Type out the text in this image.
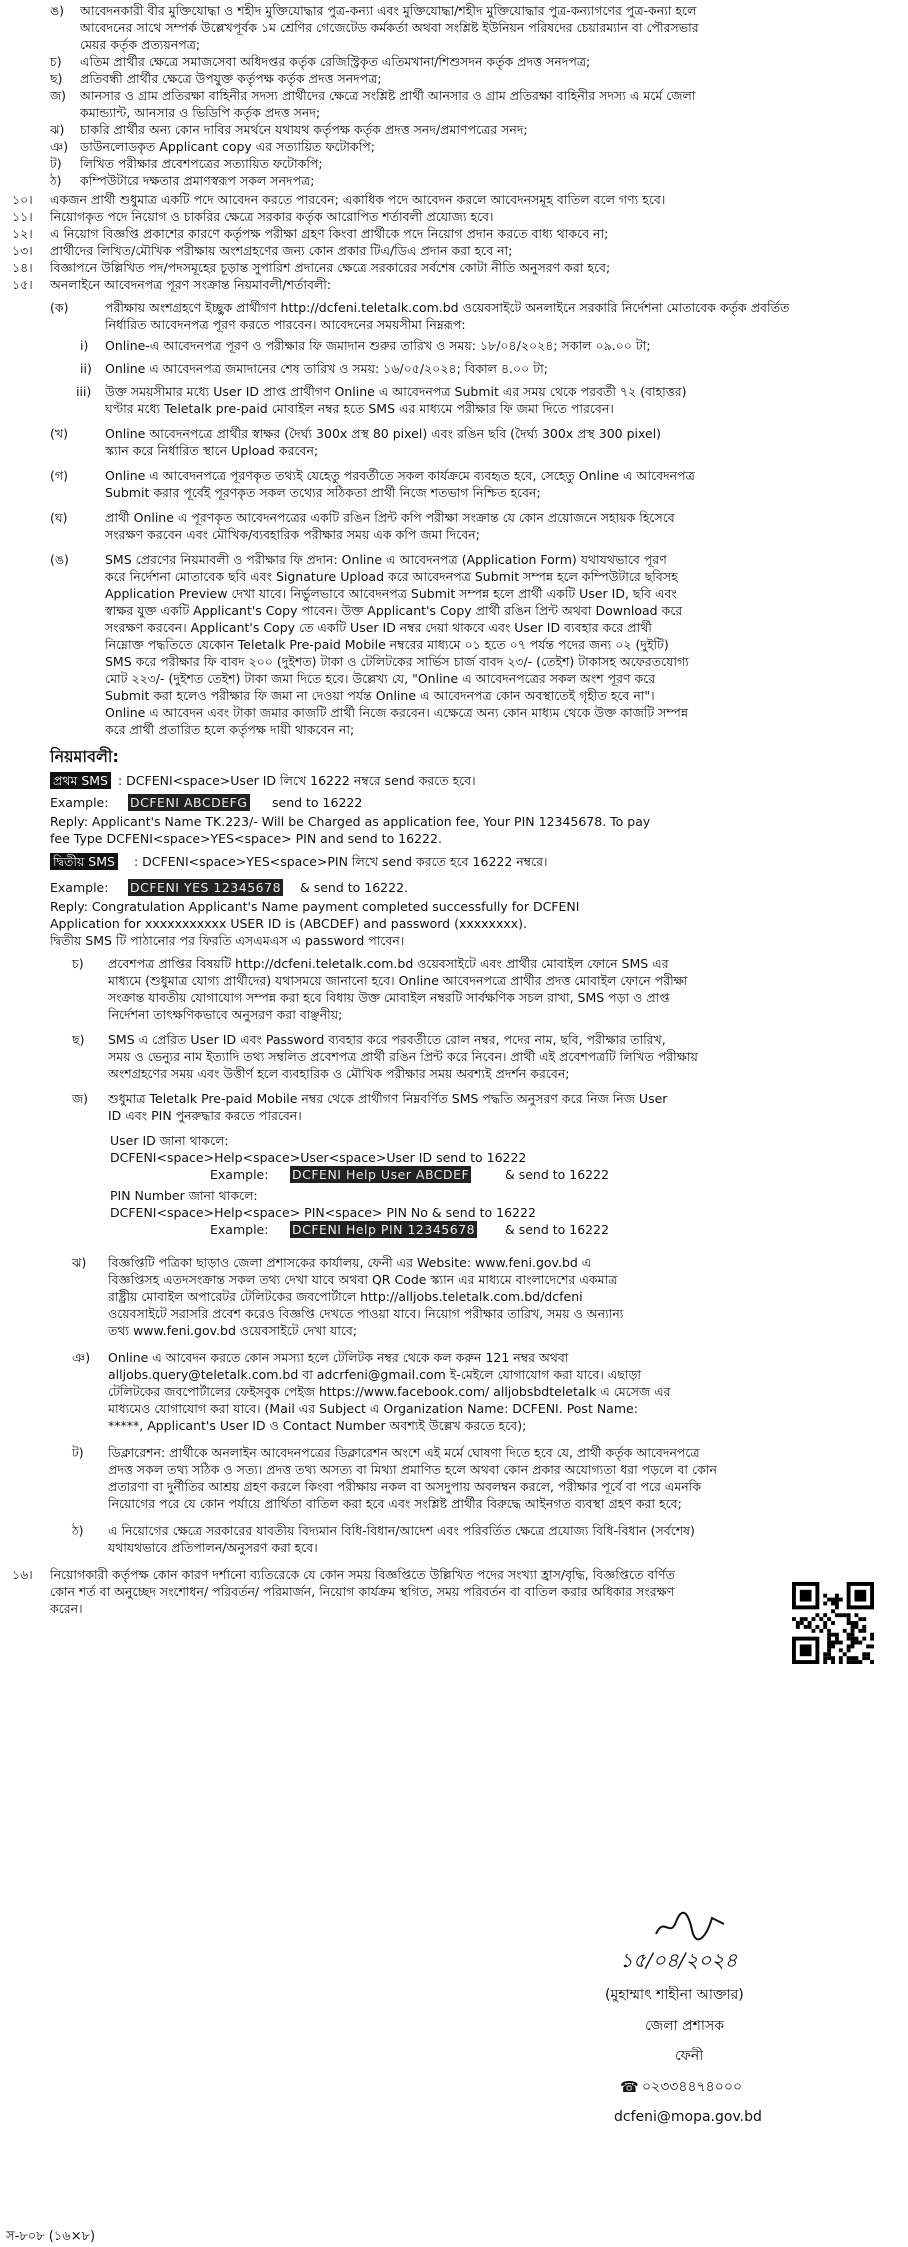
ঙ) আবেদনকারী বীর মুক্তিযোদ্ধা ও শহীদ মুক্তিযোদ্ধার পুত্র-কন্যা এবং মুক্তিযোদ্ধা/শহীদ মুক্তিযোদ্ধার পুত্র-কন্যাগণের পুত্র-কন্যা হলে
আবেদনের সাথে সম্পর্ক উল্লেখপূর্বক ১ম শ্রেণির গেজেটেড কর্মকর্তা অথবা সংশ্লিষ্ট ইউনিয়ন পরিষদের চেয়ারম্যান বা পৌরসভার
মেয়র কর্তৃক প্রত্যয়নপত্র;
চ) এতিম প্রার্থীর ক্ষেত্রে সমাজসেবা অধিদপ্তর কর্তৃক রেজিস্ট্রিকৃত এতিমখানা/শিশুসদন কর্তৃক প্রদত্ত সনদপত্র;
ছ) প্রতিবন্ধী প্রার্থীর ক্ষেত্রে উপযুক্ত কর্তৃপক্ষ কর্তৃক প্রদত্ত সনদপত্র;
জ) আনসার ও গ্রাম প্রতিরক্ষা বাহিনীর সদস্য প্রার্থীদের ক্ষেত্রে সংশ্লিষ্ট প্রার্থী আনসার ও গ্রাম প্রতিরক্ষা বাহিনীর সদস্য এ মর্মে জেলা
কমান্ড্যান্ট, আনসার ও ভিডিপি কর্তৃক প্রদত্ত সনদ;
ঝ) চাকরি প্রার্থীর অন্য কোন দাবির সমর্থনে যথাযথ কর্তৃপক্ষ কর্তৃক প্রদত্ত সনদ/প্রমাণপত্রের সনদ;
ঞ) ডাউনলোডকৃত Applicant copy এর সত্যায়িত ফটোকপি;
ট) লিখিত পরীক্ষার প্রবেশপত্রের সত্যায়িত ফটোকপি;
ঠ) কম্পিউটারে দক্ষতার প্রমাণস্বরূপ সকল সনদপত্র;
১০। একজন প্রার্থী শুধুমাত্র একটি পদে আবেদন করতে পারবেন; একাধিক পদে আবেদন করলে আবেদনসমূহ বাতিল বলে গণ্য হবে।
১১। নিয়োগকৃত পদে নিয়োগ ও চাকরির ক্ষেত্রে সরকার কর্তৃক আরোপিত শর্তাবলী প্রযোজ্য হবে।
১২। এ নিয়োগ বিজ্ঞপ্তি প্রকাশের কারণে কর্তৃপক্ষ পরীক্ষা গ্রহণ কিংবা প্রার্থীকে পদে নিয়োগ প্রদান করতে বাধ্য থাকবে না;
১৩। প্রার্থীদের লিখিত/মৌখিক পরীক্ষায় অংশগ্রহণের জন্য কোন প্রকার টিএ/ডিএ প্রদান করা হবে না;
১৪। বিজ্ঞাপনে উল্লিখিত পদ/পদসমূহের চূড়ান্ত সুপারিশ প্রদানের ক্ষেত্রে সরকারের সর্বশেষ কোটা নীতি অনুসরণ করা হবে;
১৫। অনলাইনে আবেদনপত্র পূরণ সংক্রান্ত নিয়মাবলী/শর্তাবলী:
(ক)	পরীক্ষায় অংশগ্রহণে ইচ্ছুক প্রার্থীগণ http://dcfeni.teletalk.com.bd ওয়েবসাইটে অনলাইনে সরকারি নির্দেশনা মোতাবেক কর্তৃক প্রবর্তিত
নির্ধারিত আবেদনপত্র পূরণ করতে পারবেন। আবেদনের সময়সীমা নিম্নরূপ:
i) Online-এ আবেদনপত্র পূরণ ও পরীক্ষার ফি জমাদান শুরুর তারিখ ও সময়: ১৮/০৪/২০২৪; সকাল ০৯.০০ টা;
ii) Online এ আবেদনপত্র জমাদানের শেষ তারিখ ও সময়: ১৬/০৫/২০২৪; বিকাল ৪.০০ টা;
iii) উক্ত সময়সীমার মধ্যে User ID প্রাপ্ত প্রার্থীগণ Online এ আবেদনপত্র Submit এর সময় থেকে পরবর্তী ৭২ (বাহাত্তর)
ঘণ্টার মধ্যে Teletalk pre-paid মোবাইল নম্বর হতে SMS এর মাধ্যমে পরীক্ষার ফি জমা দিতে পারবেন।
(খ)	Online আবেদনপত্রে প্রার্থীর স্বাক্ষর (দৈর্ঘ্য 300x প্রস্থ 80 pixel) এবং রঙিন ছবি (দৈর্ঘ্য 300x প্রস্থ 300 pixel)
স্ক্যান করে নির্ধারিত স্থানে Upload করবেন;
(গ)	Online এ আবেদনপত্রে পূরণকৃত তথ্যই যেহেতু পরবর্তীতে সকল কার্যক্রমে ব্যবহৃত হবে, সেহেতু Online এ আবেদনপত্র
Submit করার পূর্বেই পূরণকৃত সকল তথ্যের সঠিকতা প্রার্থী নিজে শতভাগ নিশ্চিত হবেন;
(ঘ)	প্রার্থী Online এ পূরণকৃত আবেদনপত্রের একটি রঙিন প্রিন্ট কপি পরীক্ষা সংক্রান্ত যে কোন প্রয়োজনে সহায়ক হিসেবে
সংরক্ষণ করবেন এবং মৌখিক/ব্যবহারিক পরীক্ষার সময় এক কপি জমা দিবেন;
(ঙ)	SMS প্রেরণের নিয়মাবলী ও পরীক্ষার ফি প্রদান: Online এ আবেদনপত্র (Application Form) যথাযথভাবে পূরণ
করে নির্দেশনা মোতাবেক ছবি এবং Signature Upload করে আবেদনপত্র Submit সম্পন্ন হলে কম্পিউটারে ছবিসহ
Application Preview দেখা যাবে। নির্ভুলভাবে আবেদনপত্র Submit সম্পন্ন হলে প্রার্থী একটি User ID, ছবি এবং
স্বাক্ষর যুক্ত একটি Applicant's Copy পাবেন। উক্ত Applicant's Copy প্রার্থী রঙিন প্রিন্ট অথবা Download করে
সংরক্ষণ করবেন। Applicant's Copy তে একটি User ID নম্বর দেয়া থাকবে এবং User ID ব্যবহার করে প্রার্থী
নিম্নোক্ত পদ্ধতিতে যেকোন Teletalk Pre-paid Mobile নম্বরের মাধ্যমে ০১ হতে ০৭ পর্যন্ত পদের জন্য ০২ (দুইটি)
SMS করে পরীক্ষার ফি বাবদ ২০০ (দুইশত) টাকা ও টেলিটকের সার্ভিস চার্জ বাবদ ২৩/- (তেইশ) টাকাসহ অফেরতযোগ্য
মোট ২২৩/- (দুইশত তেইশ) টাকা জমা দিতে হবে। উল্লেখ্য যে, "Online এ আবেদনপত্রের সকল অংশ পূরণ করে
Submit করা হলেও পরীক্ষার ফি জমা না দেওয়া পর্যন্ত Online এ আবেদনপত্র কোন অবস্থাতেই গৃহীত হবে না"।
Online এ আবেদন এবং টাকা জমার কাজটি প্রার্থী নিজে করবেন। এক্ষেত্রে অন্য কোন মাধ্যম থেকে উক্ত কাজটি সম্পন্ন
করে প্রার্থী প্রতারিত হলে কর্তৃপক্ষ দায়ী থাকবেন না;
নিয়মাবলী:
প্রথম SMS : DCFENI<space>User ID লিখে 16222 নম্বরে send করতে হবে।
Example: DCFENI ABCDEFG send to 16222
Reply: Applicant's Name TK.223/- Will be Charged as application fee, Your PIN 12345678. To pay
fee Type DCFENI<space>YES<space> PIN and send to 16222.
দ্বিতীয় SMS : DCFENI<space>YES<space>PIN লিখে send করতে হবে 16222 নম্বরে।
Example: DCFENI YES 12345678 & send to 16222.
Reply: Congratulation Applicant's Name payment completed successfully for DCFENI
Application for xxxxxxxxxxx USER ID is (ABCDEF) and password (xxxxxxxx).
দ্বিতীয় SMS টি পাঠানোর পর ফিরতি এসএমএস এ password পাবেন।
চ) প্রবেশপত্র প্রাপ্তির বিষয়টি http://dcfeni.teletalk.com.bd ওয়েবসাইটে এবং প্রার্থীর মোবাইল ফোনে SMS এর
মাধ্যমে (শুধুমাত্র যোগ্য প্রার্থীদের) যথাসময়ে জানানো হবে। Online আবেদনপত্রে প্রার্থীর প্রদত্ত মোবাইল ফোনে পরীক্ষা
সংক্রান্ত যাবতীয় যোগাযোগ সম্পন্ন করা হবে বিধায় উক্ত মোবাইল নম্বরটি সার্বক্ষণিক সচল রাখা, SMS পড়া ও প্রাপ্ত
নির্দেশনা তাৎক্ষণিকভাবে অনুসরণ করা বাঞ্ছনীয়;
ছ) SMS এ প্রেরিত User ID এবং Password ব্যবহার করে পরবর্তীতে রোল নম্বর, পদের নাম, ছবি, পরীক্ষার তারিখ,
সময় ও ভেন্যুর নাম ইত্যাদি তথ্য সম্বলিত প্রবেশপত্র প্রার্থী রঙিন প্রিন্ট করে নিবেন। প্রার্থী এই প্রবেশপত্রটি লিখিত পরীক্ষায়
অংশগ্রহণের সময় এবং উত্তীর্ণ হলে ব্যবহারিক ও মৌখিক পরীক্ষার সময় অবশ্যই প্রদর্শন করবেন;
জ) শুধুমাত্র Teletalk Pre-paid Mobile নম্বর থেকে প্রার্থীগণ নিম্নবর্ণিত SMS পদ্ধতি অনুসরণ করে নিজ নিজ User
ID এবং PIN পুনরুদ্ধার করতে পারবেন।
User ID জানা থাকলে:
DCFENI<space>Help<space>User<space>User ID send to 16222
Example: DCFENI Help User ABCDEF	& send to 16222
PIN Number জানা থাকলে:
DCFENI<space>Help<space> PIN<space> PIN No & send to 16222
Example: DCFENI Help PIN 12345678 & send to 16222
ঝ) বিজ্ঞপ্তিটি পত্রিকা ছাড়াও জেলা প্রশাসকের কার্যালয়, ফেনী এর Website: www.feni.gov.bd এ
বিজ্ঞপ্তিসহ এতদসংক্রান্ত সকল তথ্য দেখা যাবে অথবা QR Code স্ক্যান এর মাধ্যমে বাংলাদেশের একমাত্র
রাষ্ট্রীয় মোবাইল অপারেটর টেলিটকের জবপোর্টালে http://alljobs.teletalk.com.bd/dcfeni
ওয়েবসাইটে সরাসরি প্রবেশ করেও বিজ্ঞপ্তি দেখতে পাওয়া যাবে। নিয়োগ পরীক্ষার তারিখ, সময় ও অন্যান্য
তথ্য www.feni.gov.bd ওয়েবসাইটে দেখা যাবে;
ঞ) Online এ আবেদন করতে কোন সমস্যা হলে টেলিটক নম্বর থেকে কল করুন 121 নম্বর অথবা
alljobs.query@teletalk.com.bd বা adcrfeni@gmail.com ই-মেইলে যোগাযোগ করা যাবে। এছাড়া
টেলিটকের জবপোর্টালের ফেইসবুক পেইজ https://www.facebook.com/ alljobsbdteletalk এ মেসেজ এর
মাধ্যমেও যোগাযোগ করা যাবে। (Mail এর Subject এ Organization Name: DCFENI. Post Name:
*****, Applicant's User ID ও Contact Number অবশ্যই উল্লেখ করতে হবে);
ট) ডিক্লারেশন: প্রার্থীকে অনলাইন আবেদনপত্রের ডিক্লারেশন অংশে এই মর্মে ঘোষণা দিতে হবে যে, প্রার্থী কর্তৃক আবেদনপত্রে
প্রদত্ত সকল তথ্য সঠিক ও সত্য। প্রদত্ত তথ্য অসত্য বা মিথ্যা প্রমাণিত হলে অথবা কোন প্রকার অযোগ্যতা ধরা পড়লে বা কোন
প্রতারণা বা দুর্নীতির আশ্রয় গ্রহণ করলে কিংবা পরীক্ষায় নকল বা অসদুপায় অবলম্বন করলে, পরীক্ষার পূর্বে বা পরে এমনকি
নিয়োগের পরে যে কোন পর্যায়ে প্রার্থিতা বাতিল করা হবে এবং সংশ্লিষ্ট প্রার্থীর বিরুদ্ধে আইনগত ব্যবস্থা গ্রহণ করা হবে;
ঠ) এ নিয়োগের ক্ষেত্রে সরকারের যাবতীয় বিদ্যমান বিধি-বিধান/আদেশ এবং পরিবর্তিত ক্ষেত্রে প্রযোজ্য বিধি-বিধান (সর্বশেষ)
যথাযথভাবে প্রতিপালন/অনুসরণ করা হবে।
১৬। নিয়োগকারী কর্তৃপক্ষ কোন কারণ দর্শানো ব্যতিরেকে যে কোন সময় বিজ্ঞপ্তিতে উল্লিখিত পদের সংখ্যা হ্রাস/বৃদ্ধি, বিজ্ঞপ্তিতে বর্ণিত
কোন শর্ত বা অনুচ্ছেদ সংশোধন/ পরিবর্তন/ পরিমার্জন, নিয়োগ কার্যক্রম স্থগিত, সময় পরিবর্তন বা বাতিল করার অধিকার সংরক্ষণ
করেন।
১৫/০৪/২০২৪
(মুহাম্মাৎ শাহীনা আক্তার)
জেলা প্রশাসক
ফেনী
☎ ০২৩৩৪৪৭৪০০০
dcfeni@mopa.gov.bd
স-৮০৮ (১৬×৮)
